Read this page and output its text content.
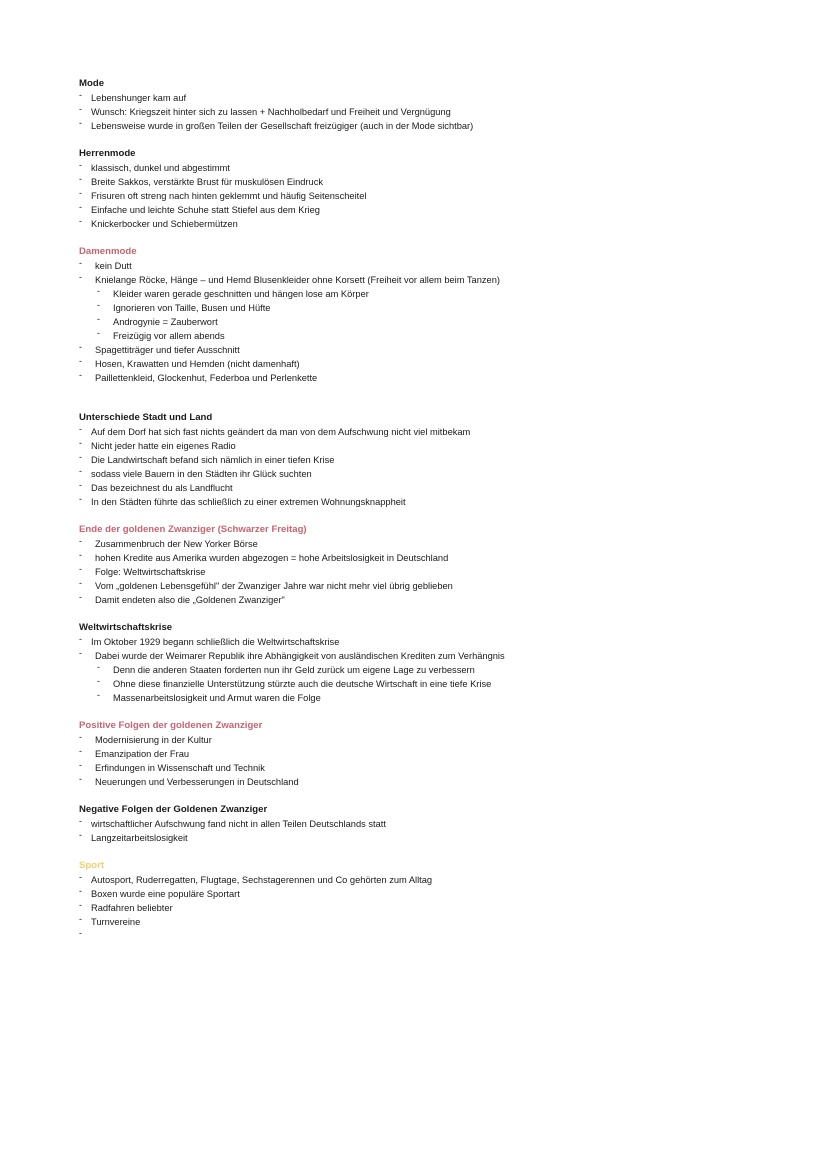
Mode
- Lebenshunger kam auf
- Wunsch: Kriegszeit hinter sich zu lassen + Nachholbedarf und Freiheit und Vergnügung
- Lebensweise wurde in großen Teilen der Gesellschaft freizügiger (auch in der Mode sichtbar)
Herrenmode
- klassisch, dunkel und abgestimmt
- Breite Sakkos, verstärkte Brust für muskulösen Eindruck
- Frisuren oft streng nach hinten geklemmt und häufig Seitenscheitel
- Einfache und leichte Schuhe statt Stiefel aus dem Krieg
- Knickerbocker und Schiebermützen
Damenmode
- kein Dutt
- Knielange Röcke, Hänge – und Hemd Blusenkleider ohne Korsett (Freiheit vor allem beim Tanzen)
- Kleider waren gerade geschnitten und hängen lose am Körper
- Ignorieren von Taille, Busen und Hüfte
- Androgynie = Zauberwort
- Freizügig vor allem abends
- Spagettiträger und tiefer Ausschnitt
- Hosen, Krawatten und Hemden (nicht damenhaft)
- Paillettenkleid, Glockenhut, Federboa und Perlenkette
Unterschiede Stadt und Land
- Auf dem Dorf hat sich fast nichts geändert da man von dem Aufschwung nicht viel mitbekam
- Nicht jeder hatte ein eigenes Radio
- Die Landwirtschaft befand sich nämlich in einer tiefen Krise
- sodass viele Bauern in den Städten ihr Glück suchten
- Das bezeichnest du als Landflucht
- In den Städten führte das schließlich zu einer extremen Wohnungsknappheit
Ende der goldenen Zwanziger (Schwarzer Freitag)
- Zusammenbruch der New Yorker Börse
- hohen Kredite aus Amerika wurden abgezogen = hohe Arbeitslosigkeit in Deutschland
- Folge: Weltwirtschaftskrise
- Vom „goldenen Lebensgefühl" der Zwanziger Jahre war nicht mehr viel übrig geblieben
- Damit endeten also die „Goldenen Zwanziger"
Weltwirtschaftskrise
- Im Oktober 1929 begann schließlich die Weltwirtschaftskrise
- Dabei wurde der Weimarer Republik ihre Abhängigkeit von ausländischen Krediten zum Verhängnis
- Denn die anderen Staaten forderten nun ihr Geld zurück um eigene Lage zu verbessern
- Ohne diese finanzielle Unterstützung stürzte auch die deutsche Wirtschaft in eine tiefe Krise
- Massenarbeitslosigkeit und Armut waren die Folge
Positive Folgen der goldenen Zwanziger
- Modernisierung in der Kultur
- Emanzipation der Frau
- Erfindungen in Wissenschaft und Technik
- Neuerungen und Verbesserungen in Deutschland
Negative Folgen der Goldenen Zwanziger
- wirtschaftlicher Aufschwung fand nicht in allen Teilen Deutschlands statt
- Langzeitarbeitslosigkeit
Sport
- Autosport, Ruderregatten, Flugtage, Sechstagerennen und Co gehörten zum Alltag
- Boxen wurde eine populäre Sportart
- Radfahren beliebter
- Turnvereine
-
